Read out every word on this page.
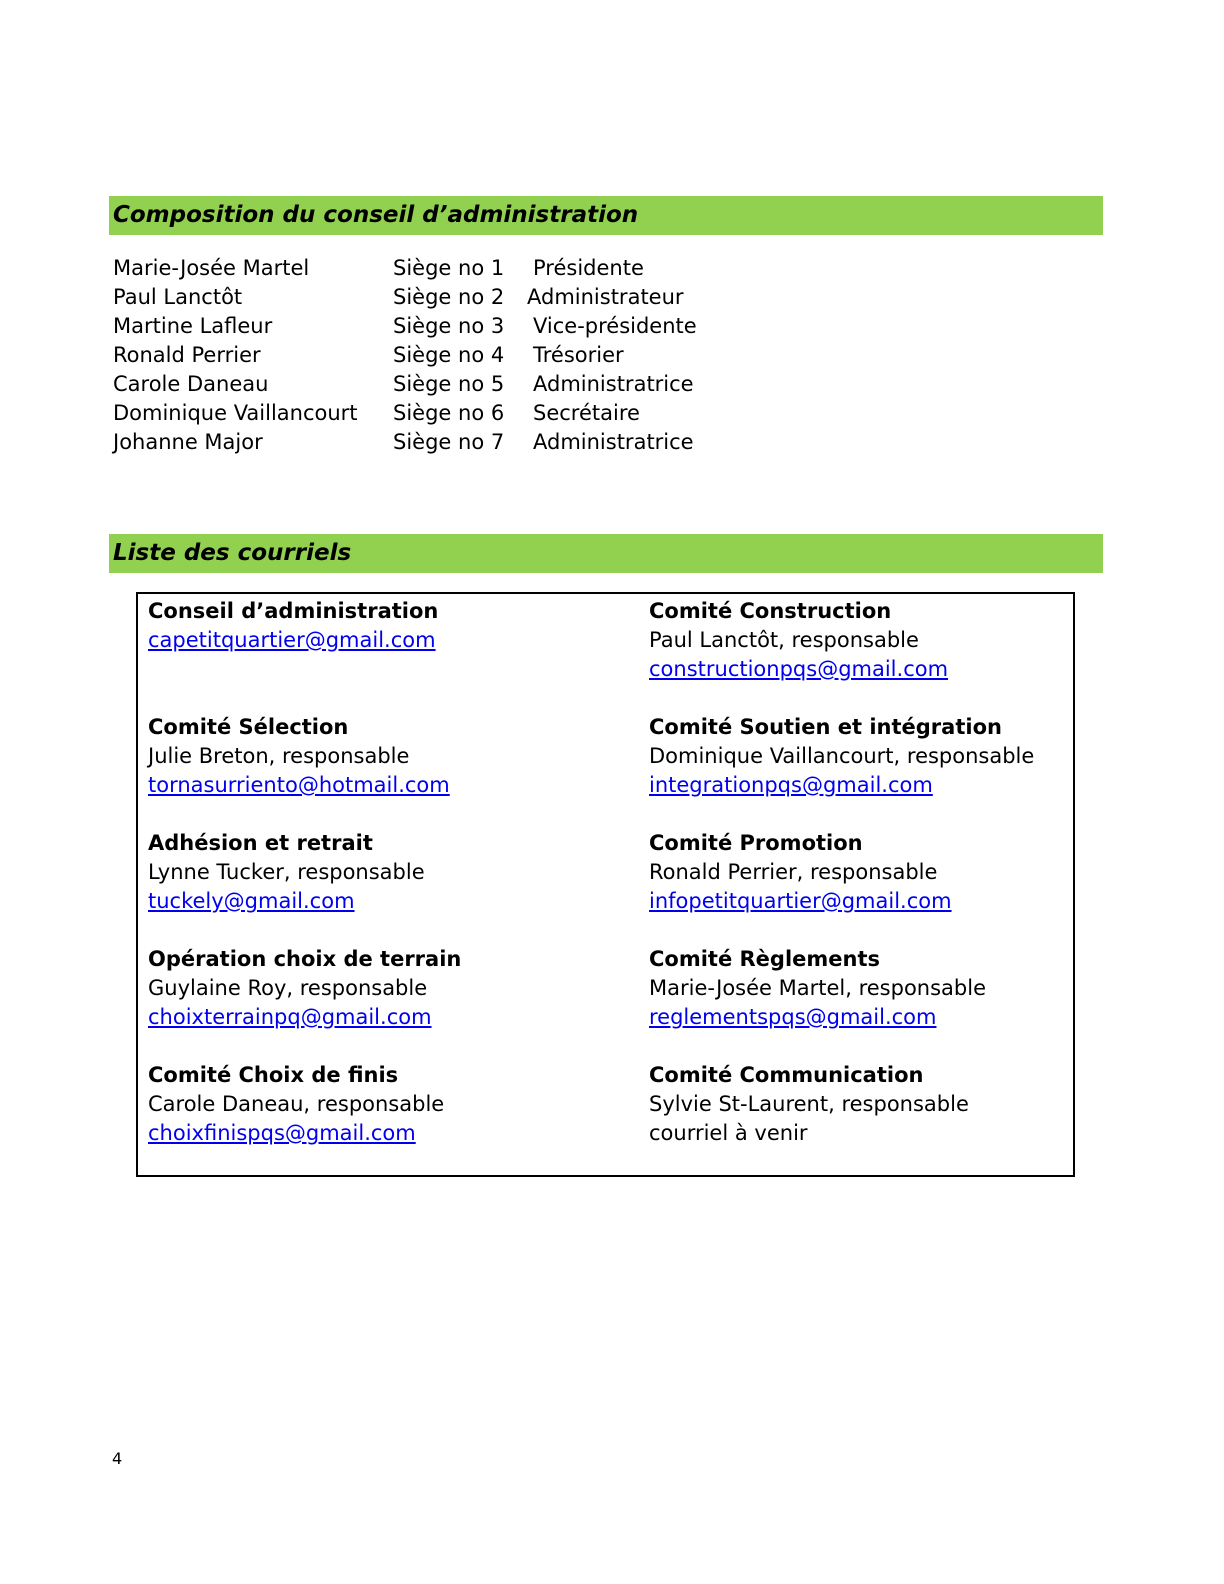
Composition du conseil d’administration
Marie-Josée Martel	Siège no 1 Présidente
Paul Lanctôt	Siège no 2 Administrateur
Martine Lafleur	Siège no 3 Vice-présidente
Ronald Perrier	Siège no 4 Trésorier
Carole Daneau	Siège no 5 Administratrice
Dominique Vaillancourt Siège no 6 Secrétaire
Johanne Major	Siège no 7 Administratrice
Liste des courriels
Conseil d’administration
capetitquartier@gmail.com
Comité Sélection
Julie Breton, responsable
tornasurriento@hotmail.com
Adhésion et retrait
Lynne Tucker, responsable
tuckely@gmail.com
Opération choix de terrain
Guylaine Roy, responsable
choixterrainpq@gmail.com
Comité Choix de finis
Carole Daneau, responsable
choixfinispqs@gmail.com
Comité Construction
Paul Lanctôt, responsable
constructionpqs@gmail.com
Comité Soutien et intégration
Dominique Vaillancourt, responsable
integrationpqs@gmail.com
Comité Promotion
Ronald Perrier, responsable
infopetitquartier@gmail.com
Comité Règlements
Marie-Josée Martel, responsable
reglementspqs@gmail.com
Comité Communication
Sylvie St-Laurent, responsable
courriel à venir
4
